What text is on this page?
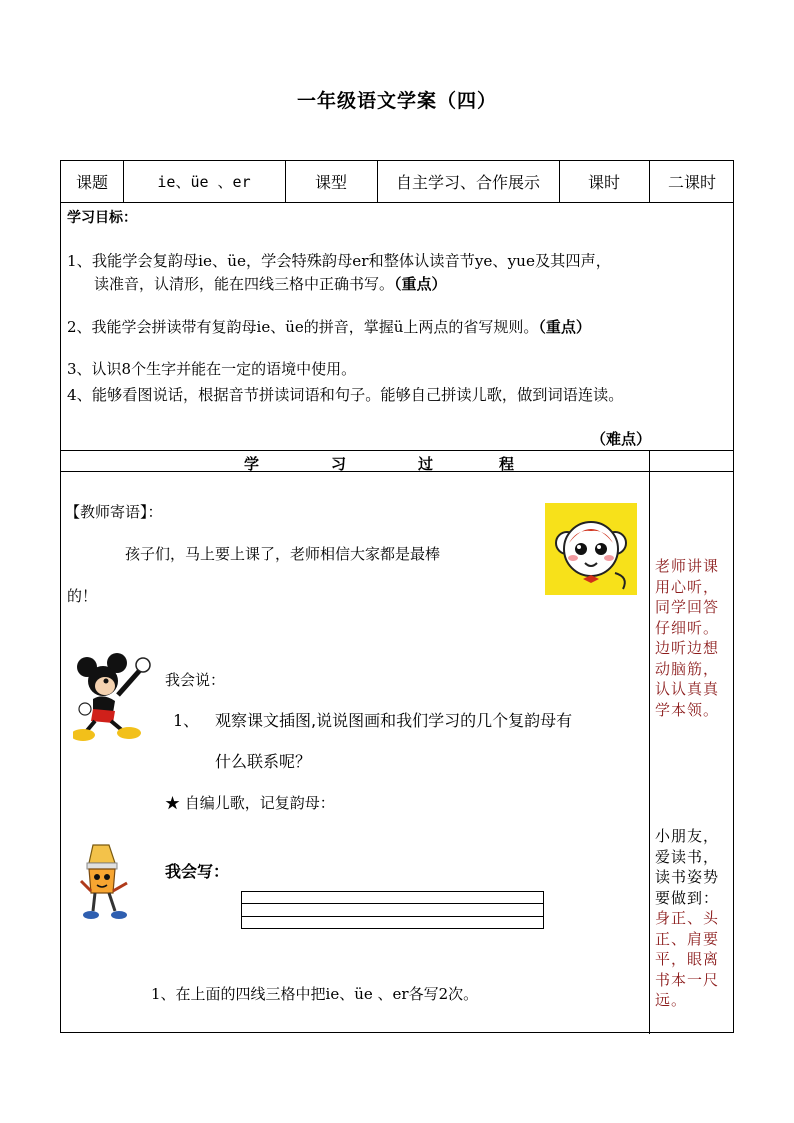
一年级语文学案（四）
课题	ie、üe 、er	课型	自主学习、合作展示	课时	二课时
学习目标：
1、我能学会复韵母ie、üe，学会特殊韵母er和整体认读音节ye、yue及其四声，
读准音，认清形，能在四线三格中正确书写。（重点）
2、我能学会拼读带有复韵母ie、üe的拼音，掌握ü上两点的省写规则。（重点）
3、认识8个生字并能在一定的语境中使用。
4、能够看图说话，根据音节拼读词语和句子。能够自己拼读儿歌，做到词语连读。
（难点）
学	习	过	程
【教师寄语】：
孩子们，马上要上课了，老师相信大家都是最棒
的！
我会说：
1、 观察课文插图,说说图画和我们学习的几个复韵母有
什么联系呢？
★ 自编儿歌，记复韵母：
我会写：
1、在上面的四线三格中把ie、üe 、er各写2次。
老师讲课用心听，同学回答仔细听。边听边想动脑筋，认认真真学本领。
小朋友，爱读书，读书姿势要做到：
身正、头正、肩要平，眼离书本一尺远。
